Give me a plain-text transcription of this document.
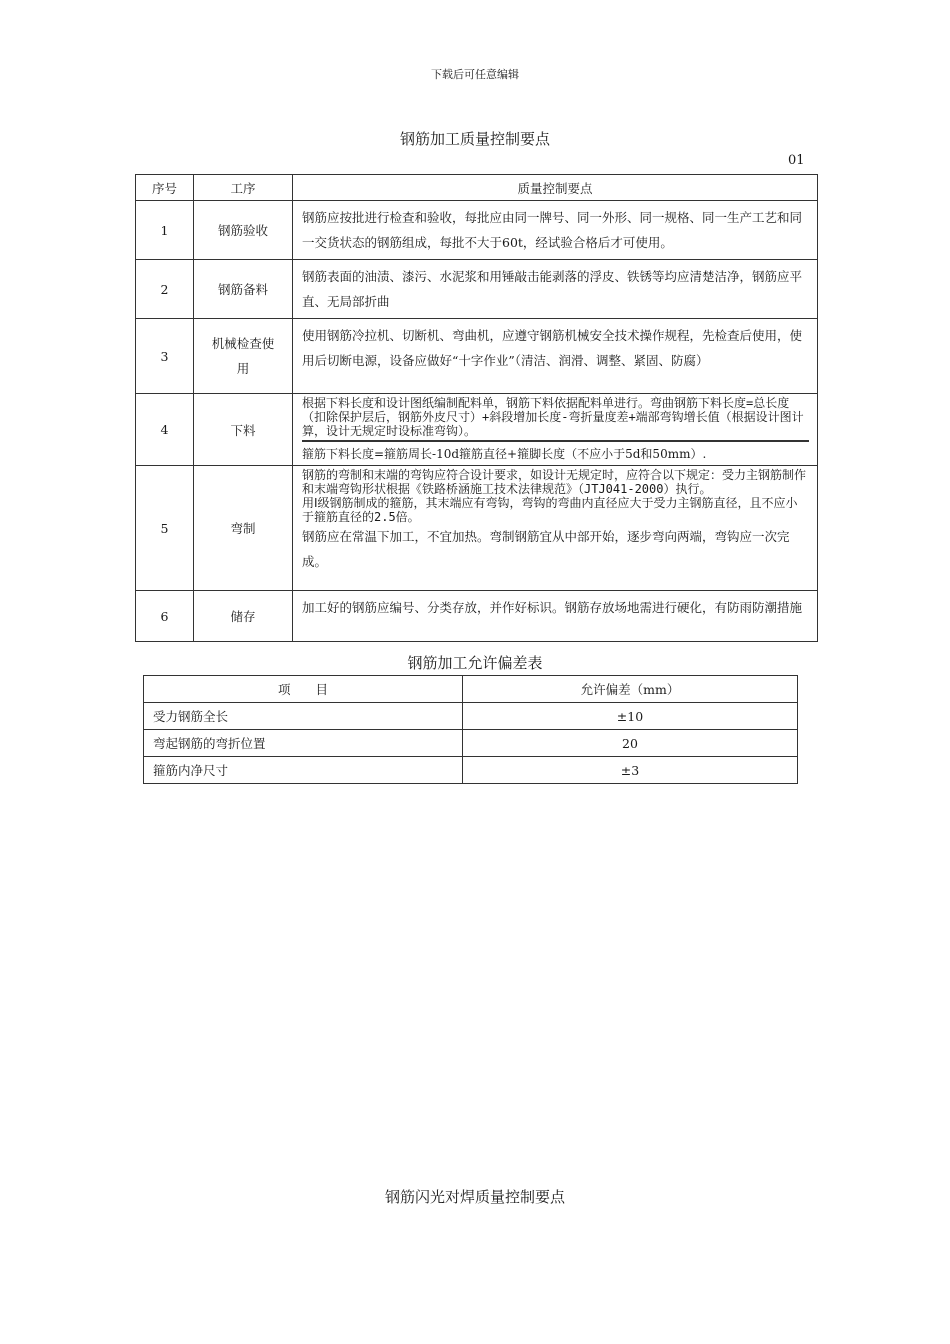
下载后可任意编辑
钢筋加工质量控制要点
01
序号	工序	质量控制要点
1	钢筋验收	钢筋应按批进行检查和验收，每批应由同一牌号、同一外形、同一规格、同一生产工艺和同一交货状态的钢筋组成，每批不大于60t，经试验合格后才可使用。
2	钢筋备料	钢筋表面的油渍、漆污、水泥浆和用锤敲击能剥落的浮皮、铁锈等均应清楚洁净，钢筋应平直、无局部折曲
3	机械检查使用	使用钢筋冷拉机、切断机、弯曲机，应遵守钢筋机械安全技术操作规程，先检查后使用，使用后切断电源，设备应做好“十字作业”（清洁、润滑、调整、紧固、防腐）
4	下料	根据下料长度和设计图纸编制配料单，钢筋下料依据配料单进行。弯曲钢筋下料长度=总长度（扣除保护层后，钢筋外皮尺寸）+斜段增加长度-弯折量度差+端部弯钩增长值（根据设计图计算，设计无规定时设标准弯钩）。
箍筋下料长度=箍筋周长-10d箍筋直径+箍脚长度（不应小于5d和50mm）.

5	弯制	钢筋的弯制和末端的弯钩应符合设计要求，如设计无规定时，应符合以下规定：受力主钢筋制作和末端弯钩形状根据《铁路桥涵施工技术法律规范》（JTJ041-2000）执行。
用Ⅰ级钢筋制成的箍筋，其末端应有弯钩，弯钩的弯曲内直径应大于受力主钢筋直径，且不应小于箍筋直径的2.5倍。
钢筋应在常温下加工，不宜加热。弯制钢筋宜从中部开始，逐步弯向两端，弯钩应一次完成。

6	储存	加工好的钢筋应编号、分类存放，并作好标识。钢筋存放场地需进行硬化，有防雨防潮措施
钢筋加工允许偏差表
项　　目	允许偏差（mm）
受力钢筋全长	±10
弯起钢筋的弯折位置	20
箍筋内净尺寸	±3
钢筋闪光对焊质量控制要点
